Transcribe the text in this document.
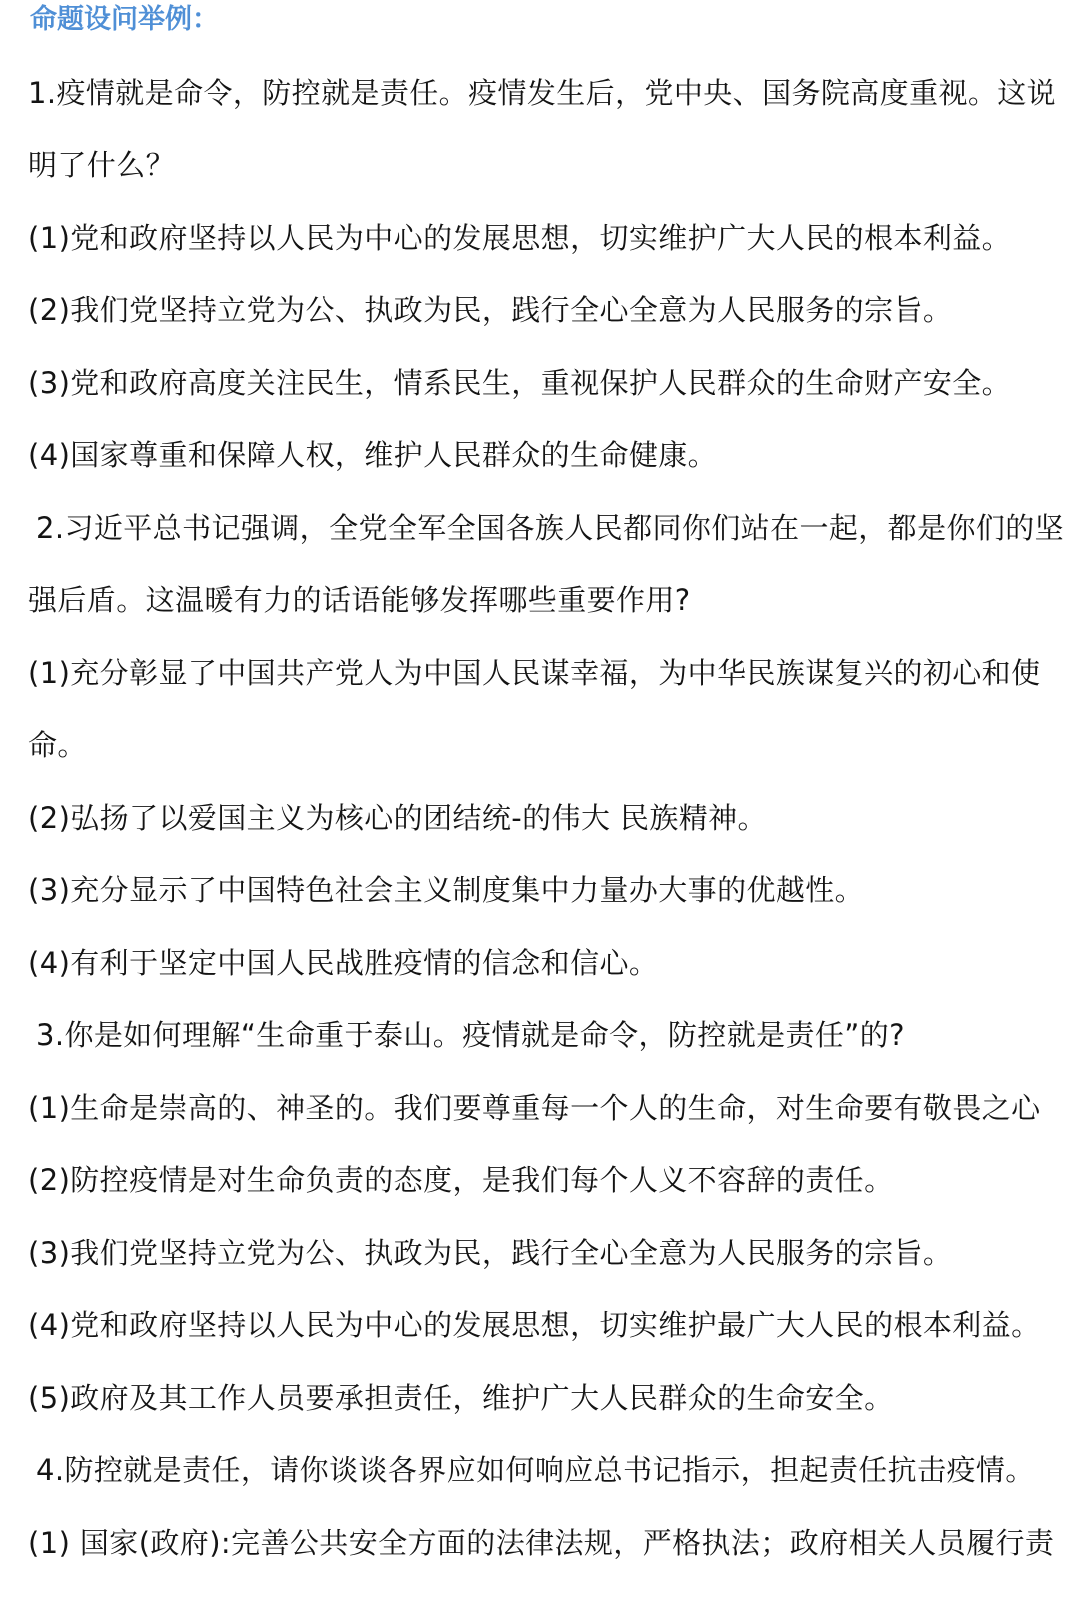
命题设问举例：
1.疫情就是命令，防控就是责任。疫情发生后，党中央、国务院高度重视。这说
明了什么？
(1)党和政府坚持以人民为中心的发展思想，切实维护广大人民的根本利益。
(2)我们党坚持立党为公、执政为民，践行全心全意为人民服务的宗旨。
(3)党和政府高度关注民生，情系民生，重视保护人民群众的生命财产安全。
(4)国家尊重和保障人权，维护人民群众的生命健康。
2.习近平总书记强调，全党全军全国各族人民都同你们站在一起，都是你们的坚
强后盾。这温暖有力的话语能够发挥哪些重要作用?
(1)充分彰显了中国共产党人为中国人民谋幸福，为中华民族谋复兴的初心和使
命。
(2)弘扬了以爱国主义为核心的团结统-的伟大 民族精神。
(3)充分显示了中国特色社会主义制度集中力量办大事的优越性。
(4)有利于坚定中国人民战胜疫情的信念和信心。
3.你是如何理解“生命重于泰山。疫情就是命令，防控就是责任”的?
(1)生命是崇高的、神圣的。我们要尊重每一个人的生命，对生命要有敬畏之心
(2)防控疫情是对生命负责的态度，是我们每个人义不容辞的责任。
(3)我们党坚持立党为公、执政为民，践行全心全意为人民服务的宗旨。
(4)党和政府坚持以人民为中心的发展思想，切实维护最广大人民的根本利益。
(5)政府及其工作人员要承担责任，维护广大人民群众的生命安全。
4.防控就是责任，请你谈谈各界应如何响应总书记指示，担起责任抗击疫情。
(1) 国家(政府):完善公共安全方面的法律法规，严格执法；政府相关人员履行责
